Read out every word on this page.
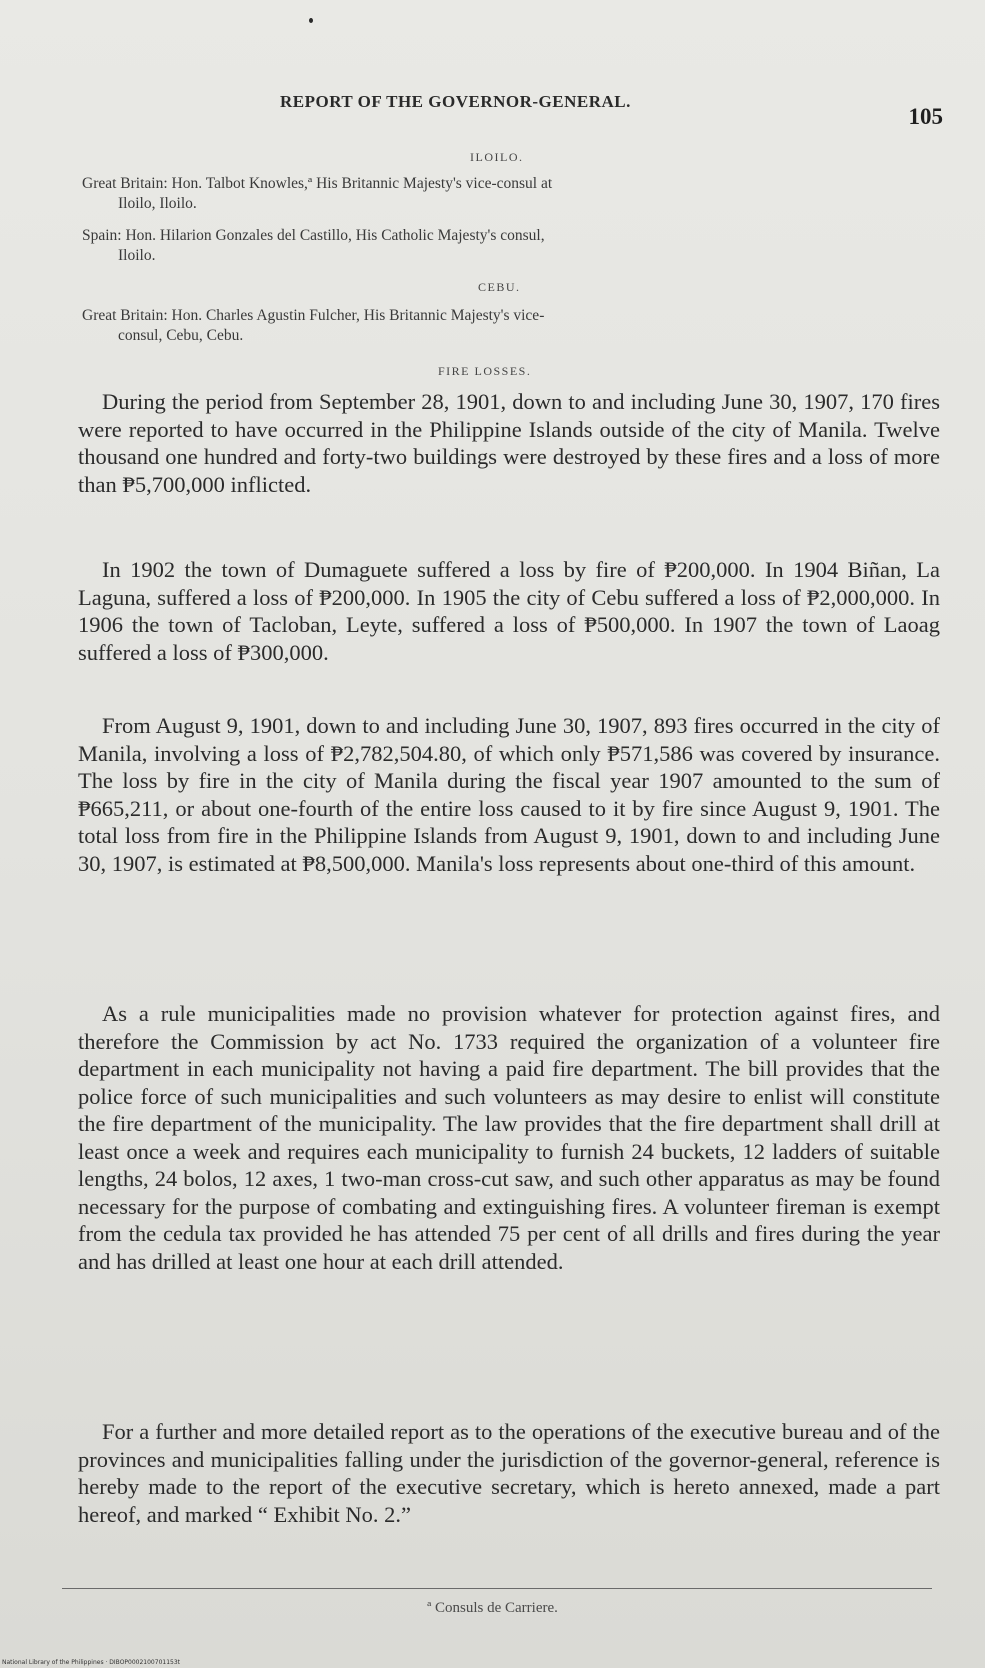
REPORT OF THE GOVERNOR-GENERAL.
105
ILOILO.
Great Britain: Hon. Talbot Knowles,ª His Britannic Majesty's vice-consul at
Iloilo, Iloilo.
Spain: Hon. Hilarion Gonzales del Castillo, His Catholic Majesty's consul,
Iloilo.
CEBU.
Great Britain: Hon. Charles Agustin Fulcher, His Britannic Majesty's vice-
consul, Cebu, Cebu.
FIRE LOSSES.

During the period from September 28, 1901, down to and including June 30, 1907, 170 fires were reported to have occurred in the Philippine Islands outside of the city of Manila. Twelve thousand one hundred and forty-two buildings were destroyed by these fires and a loss of more than ₱5,700,000 inflicted.

In 1902 the town of Dumaguete suffered a loss by fire of ₱200,000. In 1904 Biñan, La Laguna, suffered a loss of ₱200,000. In 1905 the city of Cebu suffered a loss of ₱2,000,000. In 1906 the town of Tacloban, Leyte, suffered a loss of ₱500,000. In 1907 the town of Laoag suffered a loss of ₱300,000.

From August 9, 1901, down to and including June 30, 1907, 893 fires occurred in the city of Manila, involving a loss of ₱2,782,504.80, of which only ₱571,586 was covered by insurance. The loss by fire in the city of Manila during the fiscal year 1907 amounted to the sum of ₱665,211, or about one-fourth of the entire loss caused to it by fire since August 9, 1901. The total loss from fire in the Philippine Islands from August 9, 1901, down to and including June 30, 1907, is estimated at ₱8,500,000. Manila's loss represents about one-third of this amount.

As a rule municipalities made no provision whatever for protection against fires, and therefore the Commission by act No. 1733 required the organization of a volunteer fire department in each municipality not having a paid fire department. The bill provides that the police force of such municipalities and such volunteers as may desire to enlist will constitute the fire department of the municipality. The law provides that the fire department shall drill at least once a week and requires each municipality to furnish 24 buckets, 12 ladders of suitable lengths, 24 bolos, 12 axes, 1 two-man cross-cut saw, and such other apparatus as may be found necessary for the purpose of combating and extinguishing fires. A volunteer fireman is exempt from the cedula tax provided he has attended 75 per cent of all drills and fires during the year and has drilled at least one hour at each drill attended.

For a further and more detailed report as to the operations of the executive bureau and of the provinces and municipalities falling under the jurisdiction of the governor-general, reference is hereby made to the report of the executive secretary, which is hereto annexed, made a part hereof, and marked “ Exhibit No. 2.”

ª Consuls de Carriere.
National Library of the Philippines · DIBOP0002100701153t
